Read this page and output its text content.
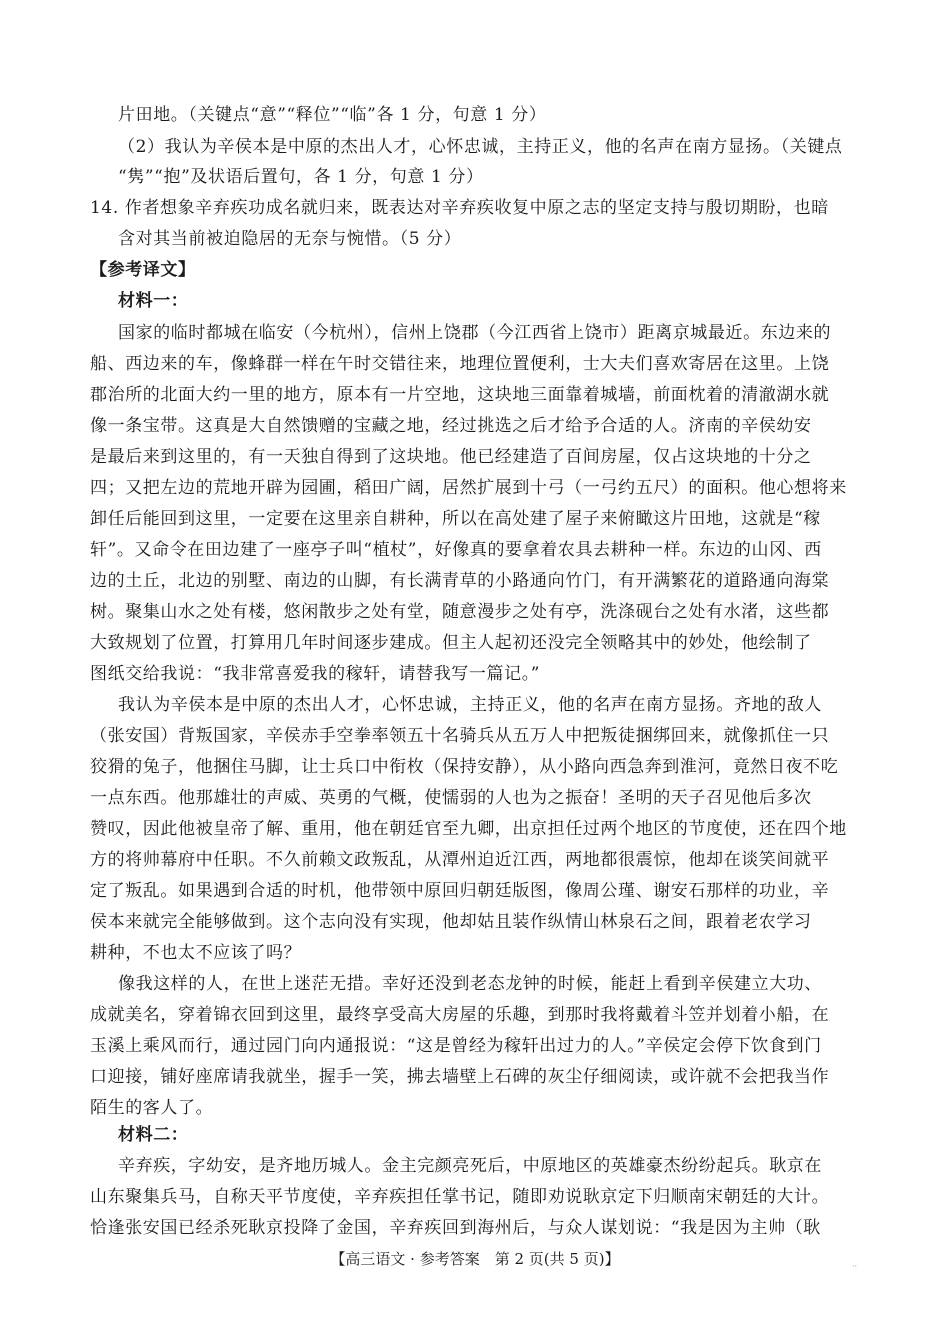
片田地。（关键点“意”“释位”“临”各 1 分，句意 1 分）
（2）我认为辛侯本是中原的杰出人才，心怀忠诚，主持正义，他的名声在南方显扬。（关键点
“隽”“抱”及状语后置句，各 1 分，句意 1 分）
14. 作者想象辛弃疾功成名就归来，既表达对辛弃疾收复中原之志的坚定支持与殷切期盼，也暗
含对其当前被迫隐居的无奈与惋惜。（5 分）
【参考译文】
材料一：
国家的临时都城在临安（今杭州），信州上饶郡（今江西省上饶市）距离京城最近。东边来的
船、西边来的车，像蜂群一样在午时交错往来，地理位置便利，士大夫们喜欢寄居在这里。上饶
郡治所的北面大约一里的地方，原本有一片空地，这块地三面靠着城墙，前面枕着的清澈湖水就
像一条宝带。这真是大自然馈赠的宝藏之地，经过挑选之后才给予合适的人。济南的辛侯幼安
是最后来到这里的，有一天独自得到了这块地。他已经建造了百间房屋，仅占这块地的十分之
四；又把左边的荒地开辟为园圃，稻田广阔，居然扩展到十弓（一弓约五尺）的面积。他心想将来
卸任后能回到这里，一定要在这里亲自耕种，所以在高处建了屋子来俯瞰这片田地，这就是“稼
轩”。又命令在田边建了一座亭子叫“植杖”，好像真的要拿着农具去耕种一样。东边的山冈、西
边的土丘，北边的别墅、南边的山脚，有长满青草的小路通向竹门，有开满繁花的道路通向海棠
树。聚集山水之处有楼，悠闲散步之处有堂，随意漫步之处有亭，洗涤砚台之处有水渚，这些都
大致规划了位置，打算用几年时间逐步建成。但主人起初还没完全领略其中的妙处，他绘制了
图纸交给我说：“我非常喜爱我的稼轩，请替我写一篇记。”
我认为辛侯本是中原的杰出人才，心怀忠诚，主持正义，他的名声在南方显扬。齐地的敌人
（张安国）背叛国家，辛侯赤手空拳率领五十名骑兵从五万人中把叛徒捆绑回来，就像抓住一只
狡猾的兔子，他捆住马脚，让士兵口中衔枚（保持安静），从小路向西急奔到淮河，竟然日夜不吃
一点东西。他那雄壮的声威、英勇的气概，使懦弱的人也为之振奋！圣明的天子召见他后多次
赞叹，因此他被皇帝了解、重用，他在朝廷官至九卿，出京担任过两个地区的节度使，还在四个地
方的将帅幕府中任职。不久前赖文政叛乱，从潭州迫近江西，两地都很震惊，他却在谈笑间就平
定了叛乱。如果遇到合适的时机，他带领中原回归朝廷版图，像周公瑾、谢安石那样的功业，辛
侯本来就完全能够做到。这个志向没有实现，他却姑且装作纵情山林泉石之间，跟着老农学习
耕种，不也太不应该了吗？
像我这样的人，在世上迷茫无措。幸好还没到老态龙钟的时候，能赶上看到辛侯建立大功、
成就美名，穿着锦衣回到这里，最终享受高大房屋的乐趣，到那时我将戴着斗笠并划着小船，在
玉溪上乘风而行，通过园门向内通报说：“这是曾经为稼轩出过力的人。”辛侯定会停下饮食到门
口迎接，铺好座席请我就坐，握手一笑，拂去墙壁上石碑的灰尘仔细阅读，或许就不会把我当作
陌生的客人了。
材料二：
辛弃疾，字幼安，是齐地历城人。金主完颜亮死后，中原地区的英雄豪杰纷纷起兵。耿京在
山东聚集兵马，自称天平节度使，辛弃疾担任掌书记，随即劝说耿京定下归顺南宋朝廷的大计。
恰逢张安国已经杀死耿京投降了金国，辛弃疾回到海州后，与众人谋划说：“我是因为主帅（耿
【高三语文 · 参考答案　第 2 页(共 5 页)】	··
